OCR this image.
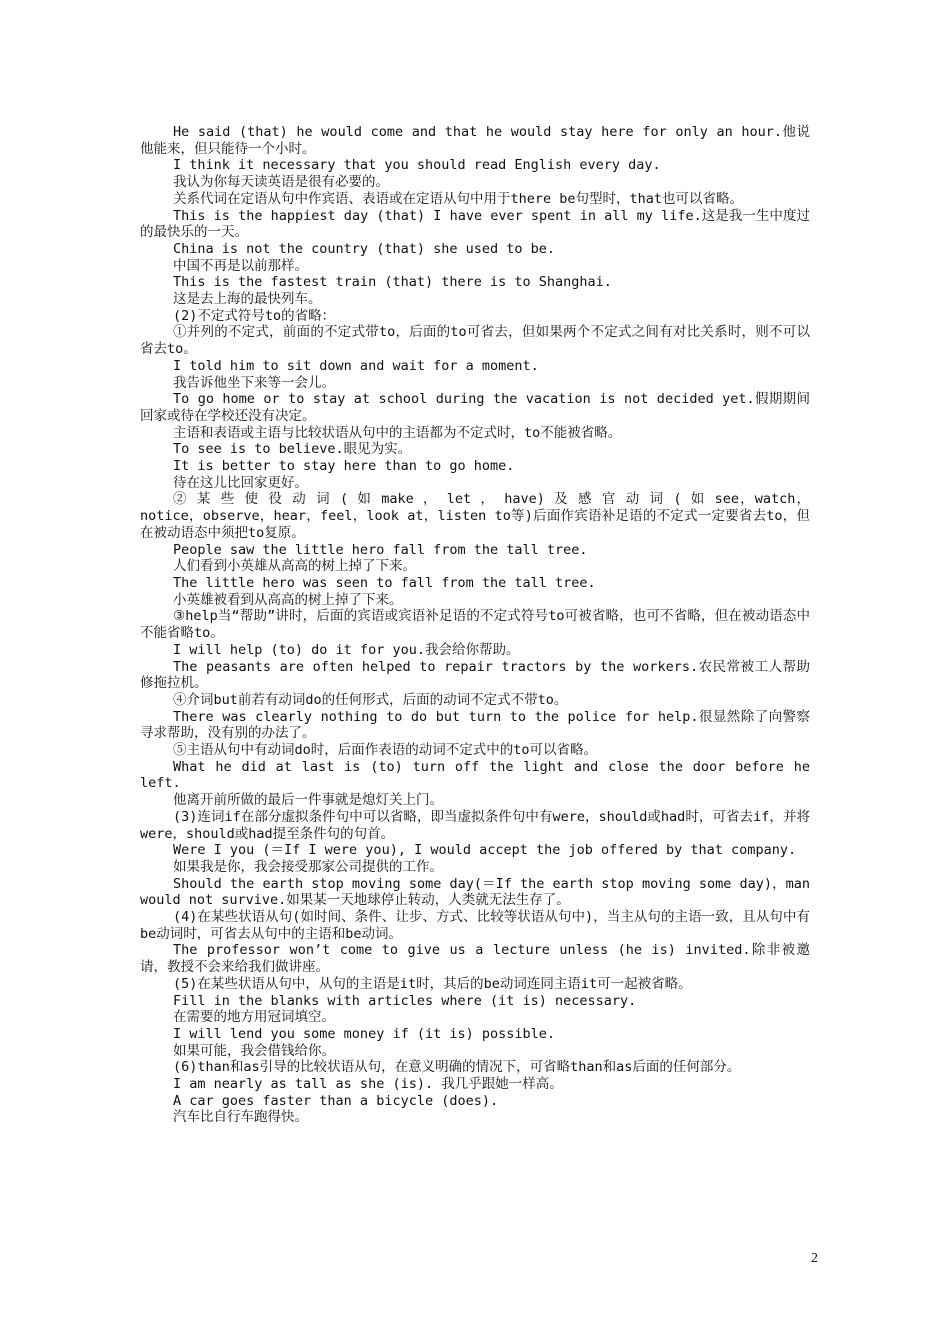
He said (that) he would come and that he would stay here for only an hour.他说他能来，但只能待一个小时。

I think it necessary that you should read English every day.

我认为你每天读英语是很有必要的。

关系代词在定语从句中作宾语、表语或在定语从句中用于there be句型时，that也可以省略。

This is the happiest day (that) I have ever spent in all my life.这是我一生中度过的最快乐的一天。

China is not the country (that) she used to be.

中国不再是以前那样。

This is the fastest train (that) there is to Shanghai.

这是去上海的最快列车。

(2)不定式符号to的省略：

①并列的不定式，前面的不定式带to，后面的to可省去，但如果两个不定式之间有对比关系时，则不可以省去to。

I told him to sit down and wait for a moment.

我告诉他坐下来等一会儿。

To go home or to stay at school during the vacation is not decided yet.假期期间回家或待在学校还没有决定。

主语和表语或主语与比较状语从句中的主语都为不定式时，to不能被省略。

To see is to believe.眼见为实。

It is better to stay here than to go home.

待在这儿比回家更好。

② 某 些 使 役 动 词 ( 如 make ， let ， have) 及 感 官 动 词 ( 如 see，watch，notice，observe，hear，feel，look at，listen to等)后面作宾语补足语的不定式一定要省去to，但在被动语态中须把to复原。

People saw the little hero fall from the tall tree.

人们看到小英雄从高高的树上掉了下来。

The little hero was seen to fall from the tall tree.

小英雄被看到从高高的树上掉了下来。

③help当“帮助”讲时，后面的宾语或宾语补足语的不定式符号to可被省略，也可不省略，但在被动语态中不能省略to。

I will help (to) do it for you.我会给你帮助。

The peasants are often helped to repair tractors by the workers.农民常被工人帮助修拖拉机。

④介词but前若有动词do的任何形式，后面的动词不定式不带to。

There was clearly nothing to do but turn to the police for help.很显然除了向警察寻求帮助，没有别的办法了。

⑤主语从句中有动词do时，后面作表语的动词不定式中的to可以省略。

What he did at last is (to) turn off the light and close the door before he left.

他离开前所做的最后一件事就是熄灯关上门。

(3)连词if在部分虚拟条件句中可以省略，即当虚拟条件句中有were，should或had时，可省去if，并将were，should或had提至条件句的句首。

Were I you (＝If I were you), I would accept the job offered by that company.

如果我是你，我会接受那家公司提供的工作。

Should the earth stop moving some day(＝If the earth stop moving some day)，man would not survive.如果某一天地球停止转动，人类就无法生存了。

(4)在某些状语从句(如时间、条件、让步、方式、比较等状语从句中)，当主从句的主语一致，且从句中有be动词时，可省去从句中的主语和be动词。

The professor won’t come to give us a lecture unless (he is) invited.除非被邀请，教授不会来给我们做讲座。

(5)在某些状语从句中，从句的主语是it时，其后的be动词连同主语it可一起被省略。

Fill in the blanks with articles where (it is) necessary.

在需要的地方用冠词填空。

I will lend you some money if (it is) possible.

如果可能，我会借钱给你。

(6)than和as引导的比较状语从句，在意义明确的情况下，可省略than和as后面的任何部分。

I am nearly as tall as she (is). 我几乎跟她一样高。

A car goes faster than a bicycle (does).

汽车比自行车跑得快。

2
